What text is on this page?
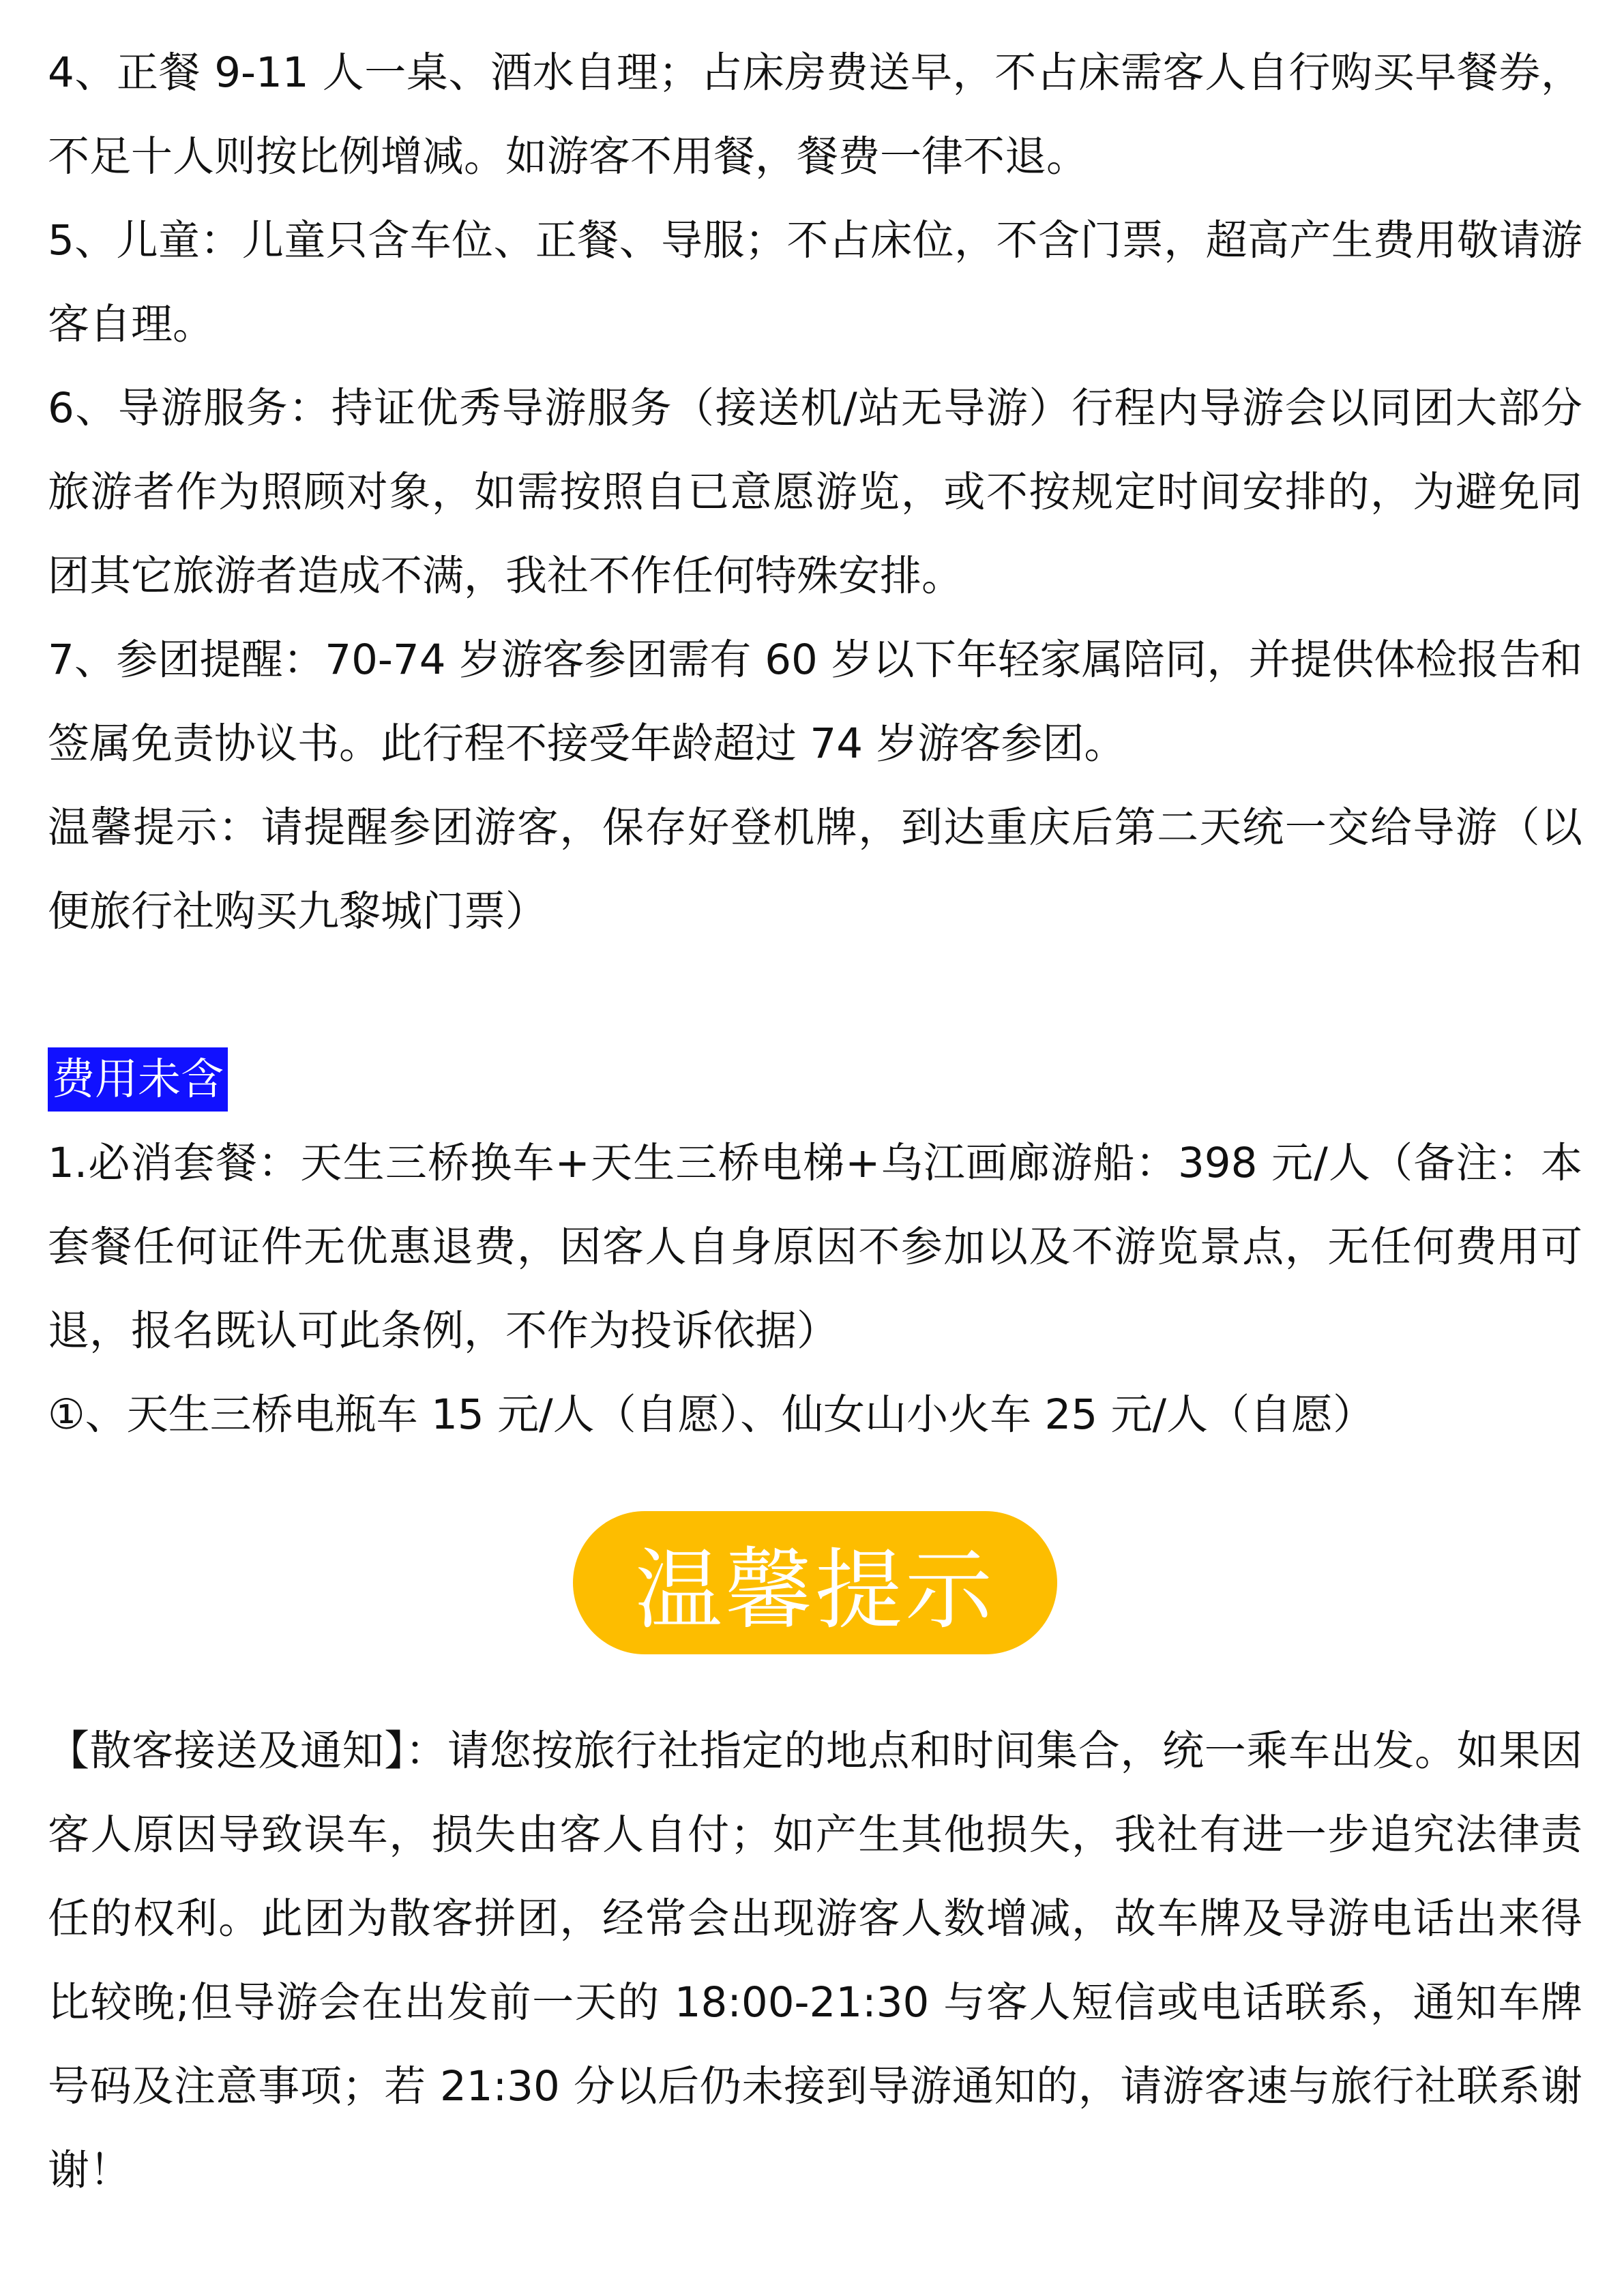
4、正餐 9-11 人一桌、酒水自理；占床房费送早，不占床需客人自行购买早餐券，不足十人则按比例增减。如游客不用餐，餐费一律不退。

5、儿童：儿童只含车位、正餐、导服；不占床位，不含门票，超高产生费用敬请游客自理。

6、导游服务：持证优秀导游服务（接送机/站无导游）行程内导游会以同团大部分旅游者作为照顾对象，如需按照自已意愿游览，或不按规定时间安排的，为避免同团其它旅游者造成不满，我社不作任何特殊安排。

7、参团提醒：70-74 岁游客参团需有 60 岁以下年轻家属陪同，并提供体检报告和签属免责协议书。此行程不接受年龄超过 74 岁游客参团。

温馨提示：请提醒参团游客，保存好登机牌，到达重庆后第二天统一交给导游（以便旅行社购买九黎城门票）

费用未含

1.必消套餐：天生三桥换车+天生三桥电梯+乌江画廊游船：398 元/人（备注：本套餐任何证件无优惠退费，因客人自身原因不参加以及不游览景点，无任何费用可退，报名既认可此条例，不作为投诉依据）

①、天生三桥电瓶车 15 元/人（自愿）、仙女山小火车 25 元/人（自愿）

温馨提示

【散客接送及通知】：请您按旅行社指定的地点和时间集合，统一乘车出发。如果因客人原因导致误车，损失由客人自付；如产生其他损失，我社有进一步追究法律责任的权利。此团为散客拼团，经常会出现游客人数增减，故车牌及导游电话出来得比较晚;但导游会在出发前一天的 18:00-21:30 与客人短信或电话联系，通知车牌号码及注意事项；若 21:30 分以后仍未接到导游通知的，请游客速与旅行社联系谢谢！
